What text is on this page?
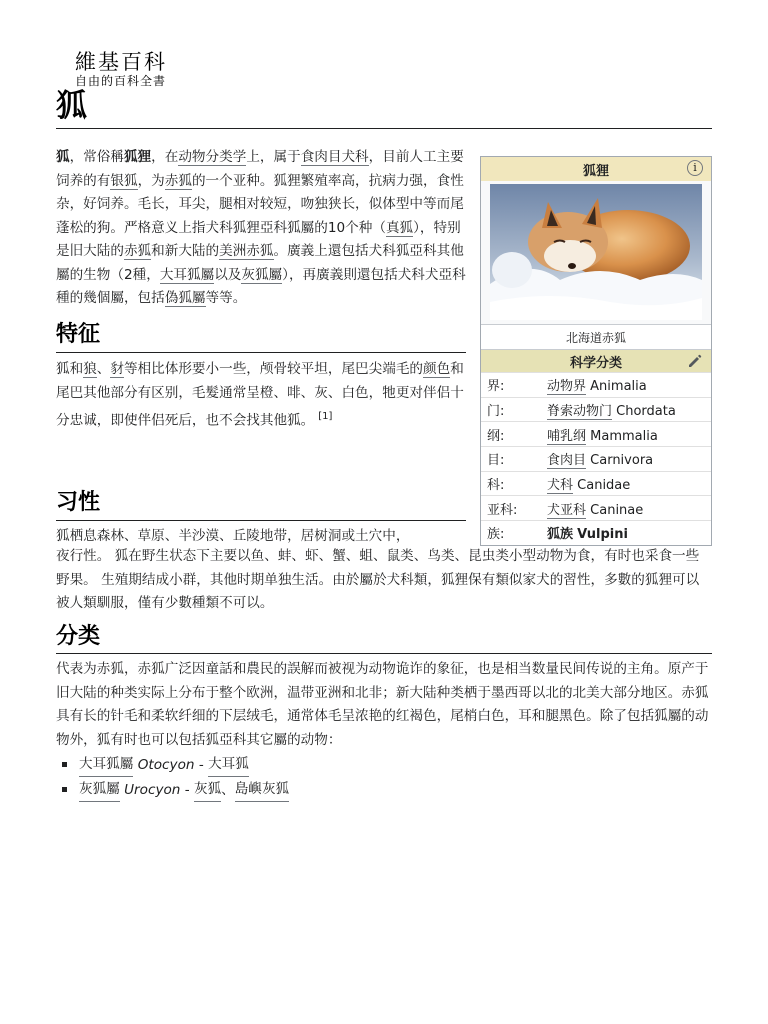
維基百科
自由的百科全書
狐

狐，常俗稱狐狸，在动物分类学上，属于食肉目犬科，目前人工主要饲养的有银狐，为赤狐的一个亚种。狐狸繁殖率高，抗病力强，食性杂，好饲养。毛长，耳尖，腿相对较短，吻独狭长，似体型中等而尾蓬松的狗。严格意义上指犬科狐狸亞科狐屬的10个种（真狐），特别是旧大陆的赤狐和新大陆的美洲赤狐。廣義上還包括犬科狐亞科其他屬的生物（2種，大耳狐屬以及灰狐屬），再廣義則還包括犬科犬亞科種的幾個屬，包括偽狐屬等等。

特征

狐和狼、豺等相比体形要小一些，颅骨较平坦，尾巴尖端毛的颜色和尾巴其他部分有区别，毛髮通常呈橙、啡、灰、白色，牠更对伴侣十分忠诚，即使伴侣死后，也不会找其他狐。 [1]

习性

狐栖息森林、草原、半沙漠、丘陵地带，居树洞或土穴中，

夜行性。 狐在野生状态下主要以鱼、蚌、虾、蟹、蛆、鼠类、鸟类、昆虫类小型动物为食，有时也采食一些野果。 生殖期结成小群，其他时期单独生活。由於屬於犬科類，狐狸保有類似家犬的習性，多數的狐狸可以被人類馴服，僅有少數種類不可以。

分类

代表为赤狐，赤狐广泛因童話和農民的誤解而被视为动物诡诈的象征，也是相当数量民间传说的主角。原产于旧大陆的种类实际上分布于整个欧洲，温带亚洲和北非；新大陆种类栖于墨西哥以北的北美大部分地区。赤狐具有长的针毛和柔软纤细的下层绒毛，通常体毛呈浓艳的红褐色，尾梢白色，耳和腿黑色。除了包括狐屬的动物外，狐有时也可以包括狐亞科其它屬的动物：

大耳狐屬
Otocyon - 大耳狐
灰狐屬
Urocyon - 灰狐 、 島嶼灰狐
狐狸	i
北海道赤狐
科学分类
界:	动物界 Animalia
门:	脊索动物门 Chordata
纲:	哺乳纲 Mammalia
目:	食肉目 Carnivora
科:	犬科 Canidae
亚科:	犬亚科 Caninae
族:	狐族 Vulpini
